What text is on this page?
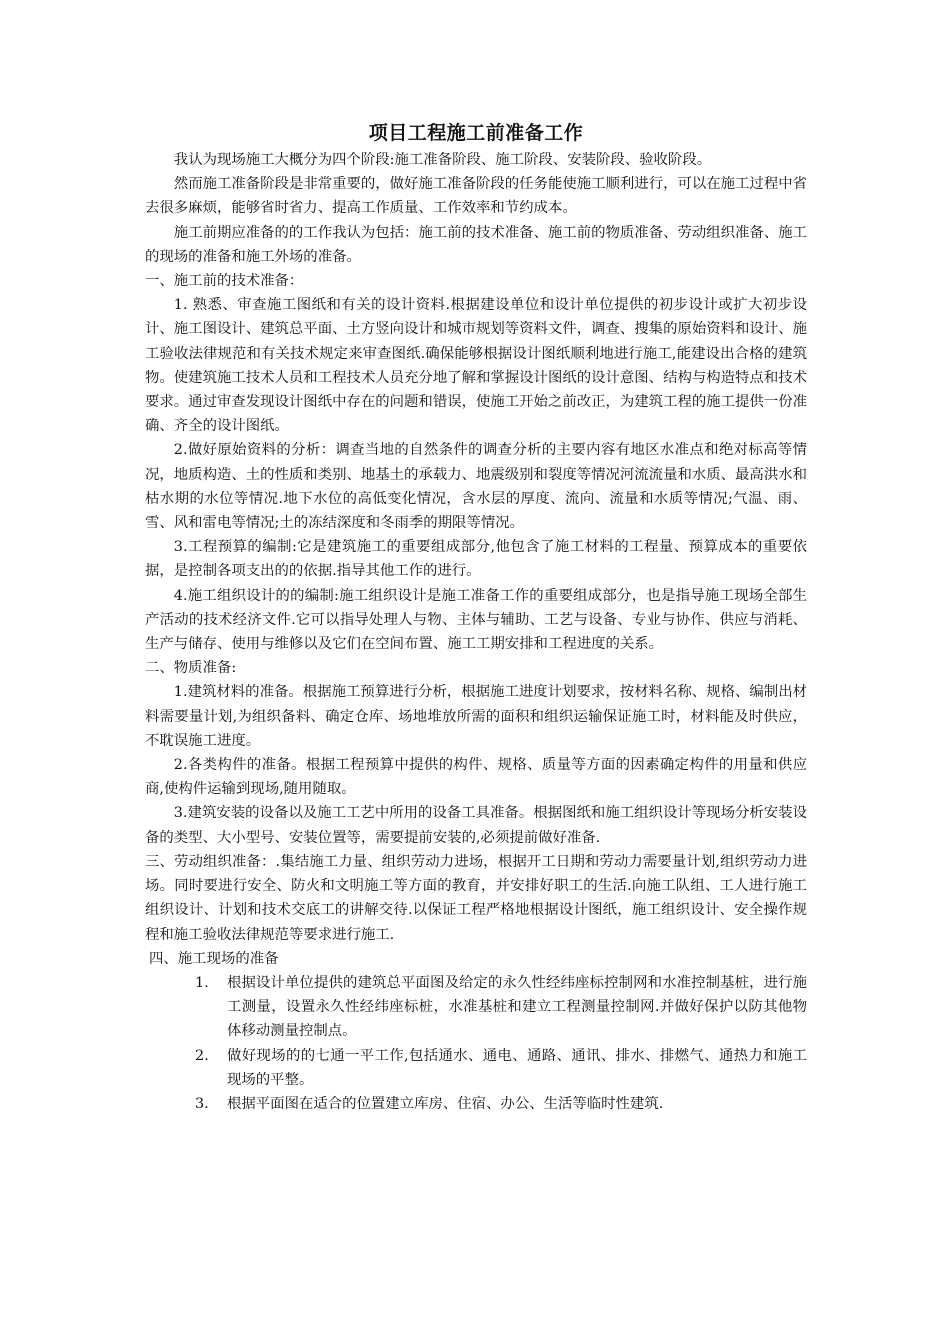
项目工程施工前准备工作

我认为现场施工大概分为四个阶段:施工准备阶段、施工阶段、安装阶段、验收阶段。

然而施工准备阶段是非常重要的，做好施工准备阶段的任务能使施工顺利进行，可以在施工过程中省去很多麻烦，能够省时省力、提高工作质量、工作效率和节约成本。

施工前期应准备的的工作我认为包括：施工前的技术准备、施工前的物质准备、劳动组织准备、施工的现场的准备和施工外场的准备。

一、施工前的技术准备：

1. 熟悉、审查施工图纸和有关的设计资料.根据建设单位和设计单位提供的初步设计或扩大初步设计、施工图设计、建筑总平面、土方竖向设计和城市规划等资料文件，调查、搜集的原始资料和设计、施工验收法律规范和有关技术规定来审查图纸.确保能够根据设计图纸顺利地进行施工,能建设出合格的建筑物。使建筑施工技术人员和工程技术人员充分地了解和掌握设计图纸的设计意图、结构与构造特点和技术要求。通过审查发现设计图纸中存在的问题和错误，使施工开始之前改正，为建筑工程的施工提供一份准确、齐全的设计图纸。

2.做好原始资料的分析：调查当地的自然条件的调查分析的主要内容有地区水准点和绝对标高等情况，地质构造、土的性质和类别、地基土的承载力、地震级别和裂度等情况河流流量和水质、最高洪水和枯水期的水位等情况.地下水位的高低变化情况，含水层的厚度、流向、流量和水质等情况;气温、雨、雪、风和雷电等情况;土的冻结深度和冬雨季的期限等情况。

3.工程预算的编制:它是建筑施工的重要组成部分,他包含了施工材料的工程量、预算成本的重要依据，是控制各项支出的的依据.指导其他工作的进行。

4.施工组织设计的的编制:施工组织设计是施工准备工作的重要组成部分，也是指导施工现场全部生产活动的技术经济文件.它可以指导处理人与物、主体与辅助、工艺与设备、专业与协作、供应与消耗、生产与储存、使用与维修以及它们在空间布置、施工工期安排和工程进度的关系。

二、物质准备:

1.建筑材料的准备。根据施工预算进行分析，根据施工进度计划要求，按材料名称、规格、编制出材料需要量计划,为组织备料、确定仓库、场地堆放所需的面积和组织运输保证施工时，材料能及时供应，不耽误施工进度。

2.各类构件的准备。根据工程预算中提供的构件、规格、质量等方面的因素确定构件的用量和供应商,使构件运输到现场,随用随取。

3.建筑安装的设备以及施工工艺中所用的设备工具准备。根据图纸和施工组织设计等现场分析安装设备的类型、大小型号、安装位置等，需要提前安装的,必须提前做好准备.

三、劳动组织准备：.集结施工力量、组织劳动力进场，根据开工日期和劳动力需要量计划,组织劳动力进场。同时要进行安全、防火和文明施工等方面的教育，并安排好职工的生活.向施工队组、工人进行施工组织设计、计划和技术交底工的讲解交待.以保证工程严格地根据设计图纸，施工组织设计、安全操作规程和施工验收法律规范等要求进行施工.

四、施工现场的准备

1.	根据设计单位提供的建筑总平面图及给定的永久性经纬座标控制网和水准控制基桩，进行施工测量，设置永久性经纬座标桩，水准基桩和建立工程测量控制网.并做好保护以防其他物体移动测量控制点。
2.	做好现场的的七通一平工作,包括通水、通电、通路、通讯、排水、排燃气、通热力和施工现场的平整。
3.	根据平面图在适合的位置建立库房、住宿、办公、生活等临时性建筑.
